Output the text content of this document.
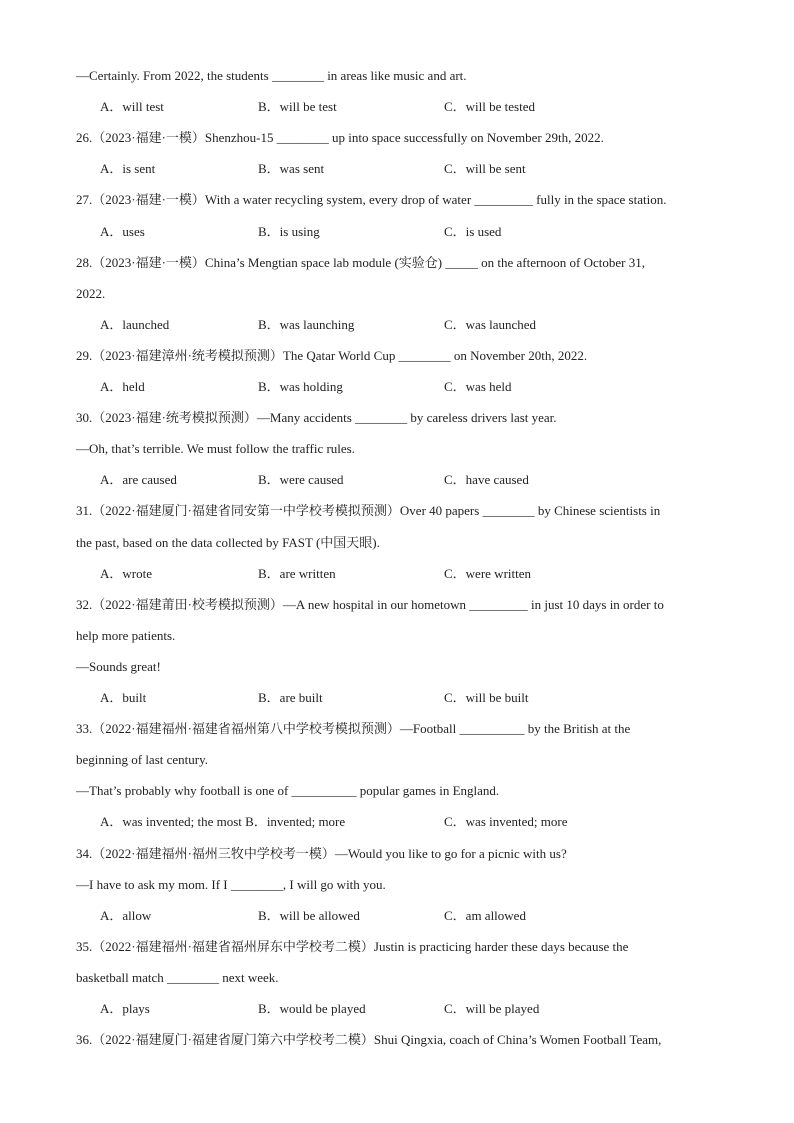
—Certainly. From 2022, the students ________ in areas like music and art.
A．will test	B．will be test	C．will be tested
26.（2023·福建·一模）Shenzhou-15 ________ up into space successfully on November 29th, 2022.
A．is sent	B．was sent	C．will be sent
27.（2023·福建·一模）With a water recycling system, every drop of water _________ fully in the space station.
A．uses	B．is using	C．is used
28.（2023·福建·一模）China’s Mengtian space lab module (实验仓) _____ on the afternoon of October 31,
2022.
A．launched	B．was launching	C．was launched
29.（2023·福建漳州·统考模拟预测）The Qatar World Cup ________ on November 20th, 2022.
A．held	B．was holding	C．was held
30.（2023·福建·统考模拟预测）—Many accidents ________ by careless drivers last year.
—Oh, that’s terrible. We must follow the traffic rules.
A．are caused	B．were caused	C．have caused
31.（2022·福建厦门·福建省同安第一中学校考模拟预测）Over 40 papers ________ by Chinese scientists in
the past, based on the data collected by FAST (中国天眼).
A．wrote	B．are written	C．were written
32.（2022·福建莆田·校考模拟预测）—A new hospital in our hometown _________ in just 10 days in order to
help more patients.
—Sounds great!
A．built	B．are built	C．will be built
33.（2022·福建福州·福建省福州第八中学校考模拟预测）—Football __________ by the British at the
beginning of last century.
—That’s probably why football is one of __________ popular games in England.
A．was invented; the most B．invented; more	C．was invented; more
34.（2022·福建福州·福州三牧中学校考一模）—Would you like to go for a picnic with us?
—I have to ask my mom. If I ________, I will go with you.
A．allow	B．will be allowed	C．am allowed
35.（2022·福建福州·福建省福州屏东中学校考二模）Justin is practicing harder these days because the
basketball match ________ next week.
A．plays	B．would be played	C．will be played
36.（2022·福建厦门·福建省厦门第六中学校考二模）Shui Qingxia, coach of China’s Women Football Team,
